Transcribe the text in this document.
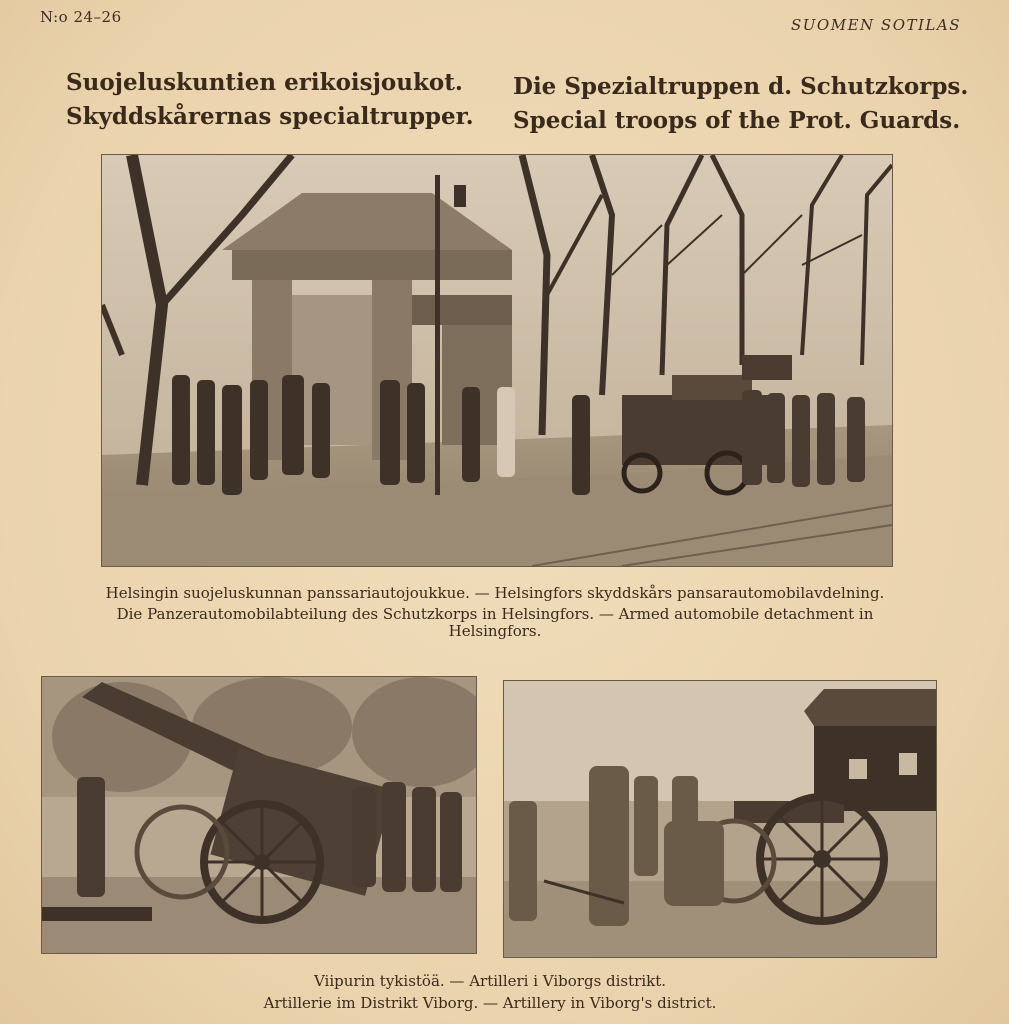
N:o 24–26	SUOMEN SOTILAS
Suojeluskuntien erikoisjoukot.
Skyddskårernas specialtrupper.
Die Spezialtruppen d. Schutzkorps.
Special troops of the Prot. Guards.
Helsingin suojeluskunnan panssariautojoukkue. — Helsingfors skyddskårs pansarautomobilavdelning.
Die Panzerautomobilabteilung des Schutzkorps in Helsingfors. — Armed automobile detachment in
Helsingfors.
Viipurin tykistöä. — Artilleri i Viborgs distrikt.
Artillerie im Distrikt Viborg. — Artillery in Viborg's district.
